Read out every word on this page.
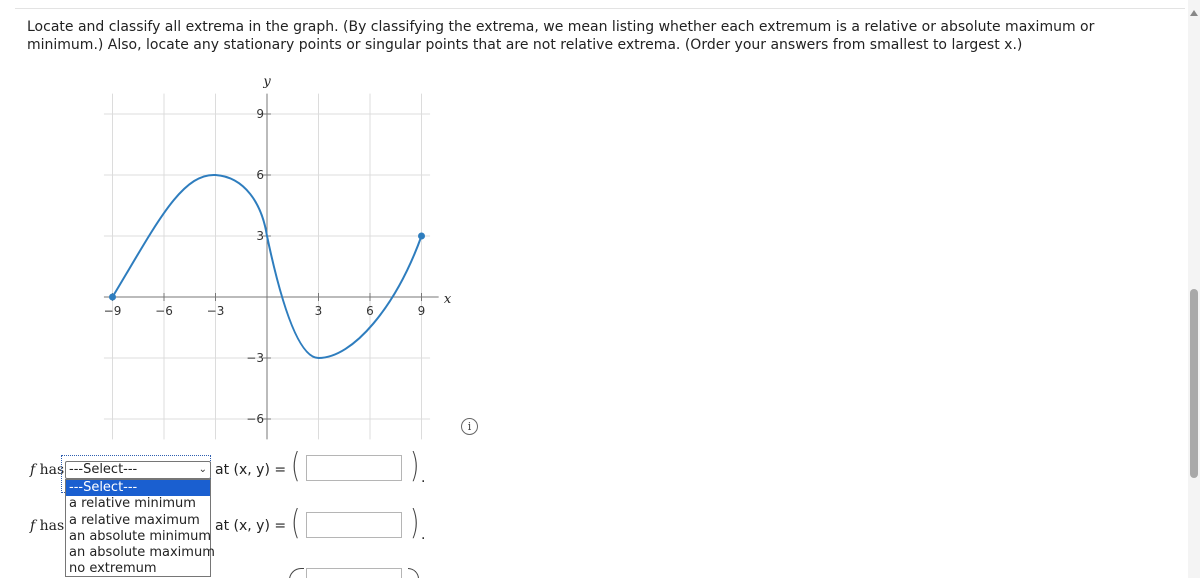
Locate and classify all extrema in the graph. (By classifying the extrema, we mean listing whether each extremum is a relative or absolute maximum or minimum.) Also, locate any stationary points or singular points that are not relative extrema. (Order your answers from smallest to largest x.)
−9	−6	−3	3	6	9
9
6
3
−3
−6
x
y
i
f has ---Select---	⌄ at (x, y) = (	) .
f has	at (x, y) = (	) .
---Select---
a relative minimum
a relative maximum
an absolute minimum
an absolute maximum
no extremum
